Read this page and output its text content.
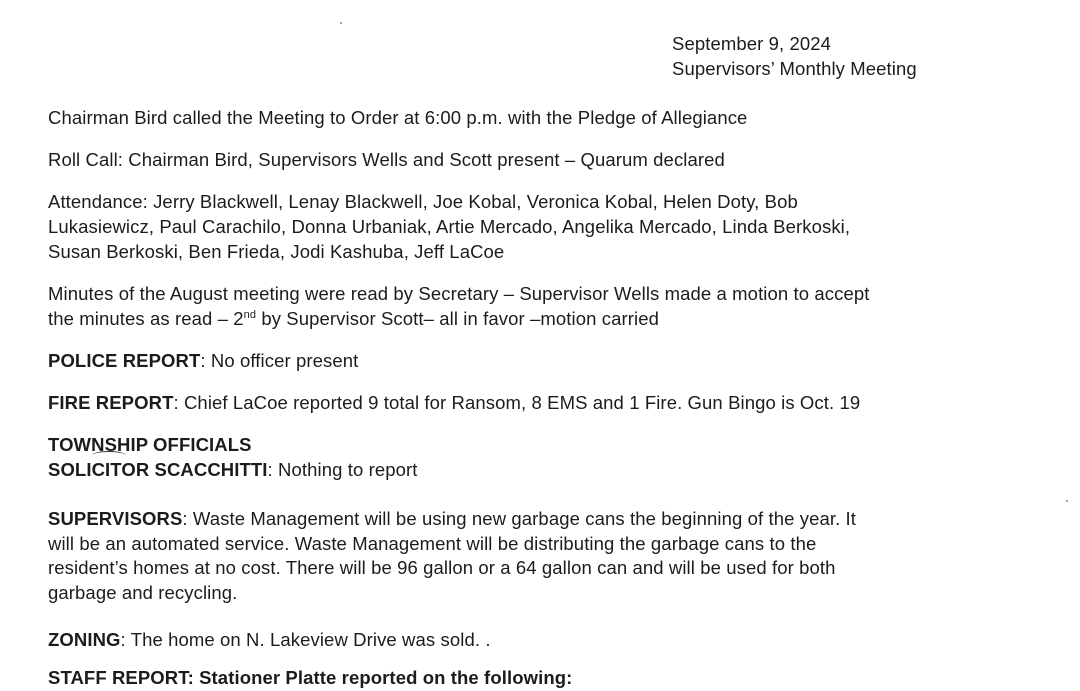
September 9, 2024
Supervisors’ Monthly Meeting
Chairman Bird called the Meeting to Order at 6:00 p.m. with the Pledge of Allegiance
Roll Call: Chairman Bird, Supervisors Wells and Scott present – Quarum declared
Attendance: Jerry Blackwell, Lenay Blackwell, Joe Kobal, Veronica Kobal, Helen Doty, Bob
Lukasiewicz, Paul Carachilo, Donna Urbaniak, Artie Mercado, Angelika Mercado, Linda Berkoski,
Susan Berkoski, Ben Frieda, Jodi Kashuba, Jeff LaCoe
Minutes of the August meeting were read by Secretary – Supervisor Wells made a motion to accept
the minutes as read – 2nd by Supervisor Scott– all in favor –motion carried
POLICE REPORT: No officer present
FIRE REPORT: Chief LaCoe reported 9 total for Ransom, 8 EMS and 1 Fire. Gun Bingo is Oct. 19
TOWNSHIP OFFICIALS
SOLICITOR SCACCHITTI: Nothing to report
SUPERVISORS: Waste Management will be using new garbage cans the beginning of the year. It
will be an automated service. Waste Management will be distributing the garbage cans to the
resident’s homes at no cost. There will be 96 gallon or a 64 gallon can and will be used for both
garbage and recycling.
ZONING: The home on N. Lakeview Drive was sold. .
STAFF REPORT: Stationer Platte reported on the following:
